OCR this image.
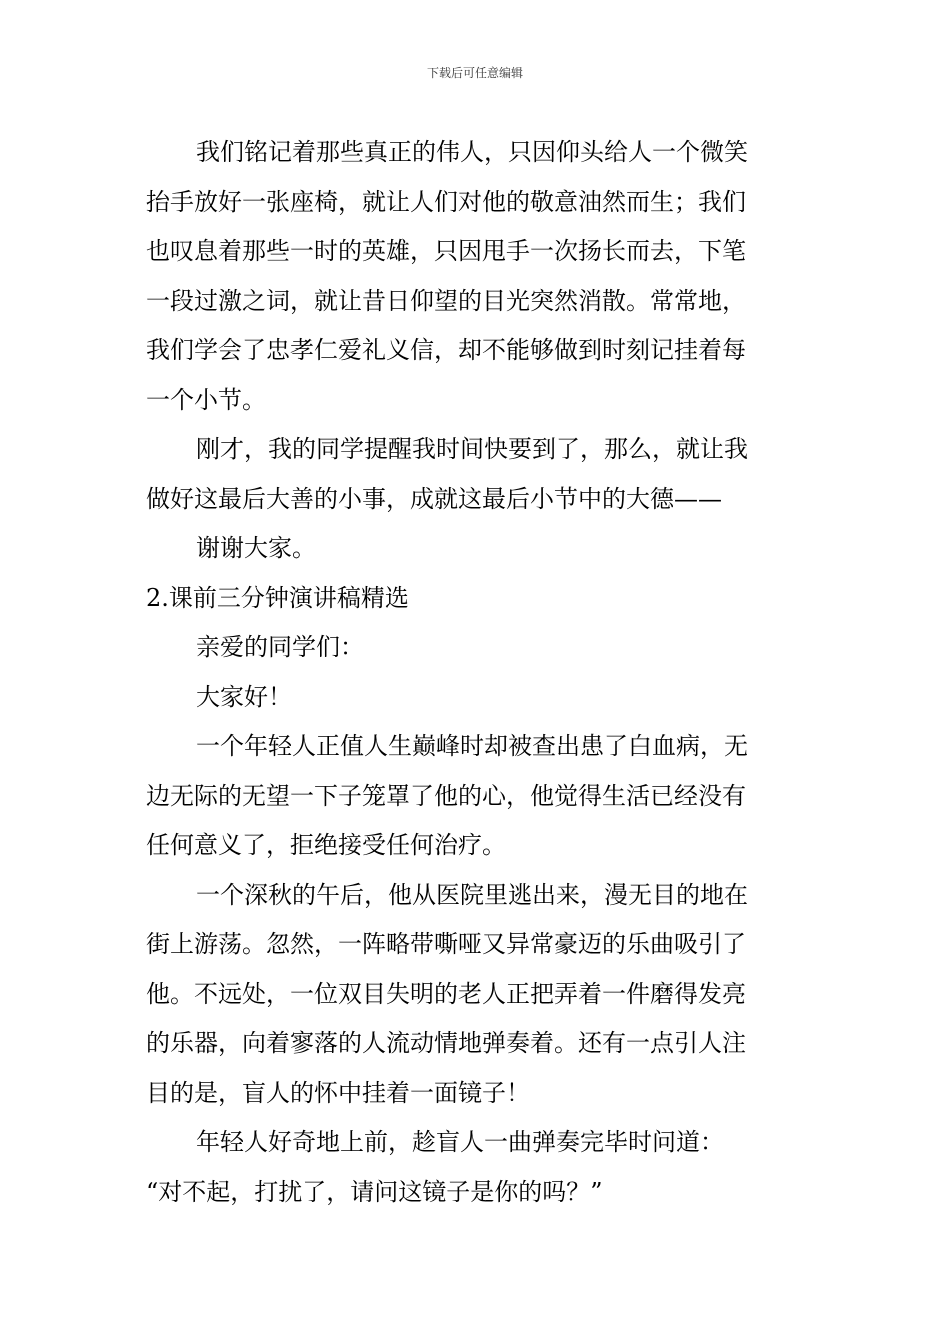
下载后可任意编辑
我们铭记着那些真正的伟人，只因仰头给人一个微笑
抬手放好一张座椅，就让人们对他的敬意油然而生；我们
也叹息着那些一时的英雄，只因甩手一次扬长而去，下笔
一段过激之词，就让昔日仰望的目光突然消散。常常地，
我们学会了忠孝仁爱礼义信，却不能够做到时刻记挂着每
一个小节。
刚才，我的同学提醒我时间快要到了，那么，就让我
做好这最后大善的小事，成就这最后小节中的大德——
谢谢大家。
2.课前三分钟演讲稿精选
亲爱的同学们：
大家好！
一个年轻人正值人生巅峰时却被查出患了白血病，无
边无际的无望一下子笼罩了他的心，他觉得生活已经没有
任何意义了，拒绝接受任何治疗。
一个深秋的午后，他从医院里逃出来，漫无目的地在
街上游荡。忽然，一阵略带嘶哑又异常豪迈的乐曲吸引了
他。不远处，一位双目失明的老人正把弄着一件磨得发亮
的乐器，向着寥落的人流动情地弹奏着。还有一点引人注
目的是，盲人的怀中挂着一面镜子！
年轻人好奇地上前，趁盲人一曲弹奏完毕时问道：
“对不起，打扰了，请问这镜子是你的吗？”
